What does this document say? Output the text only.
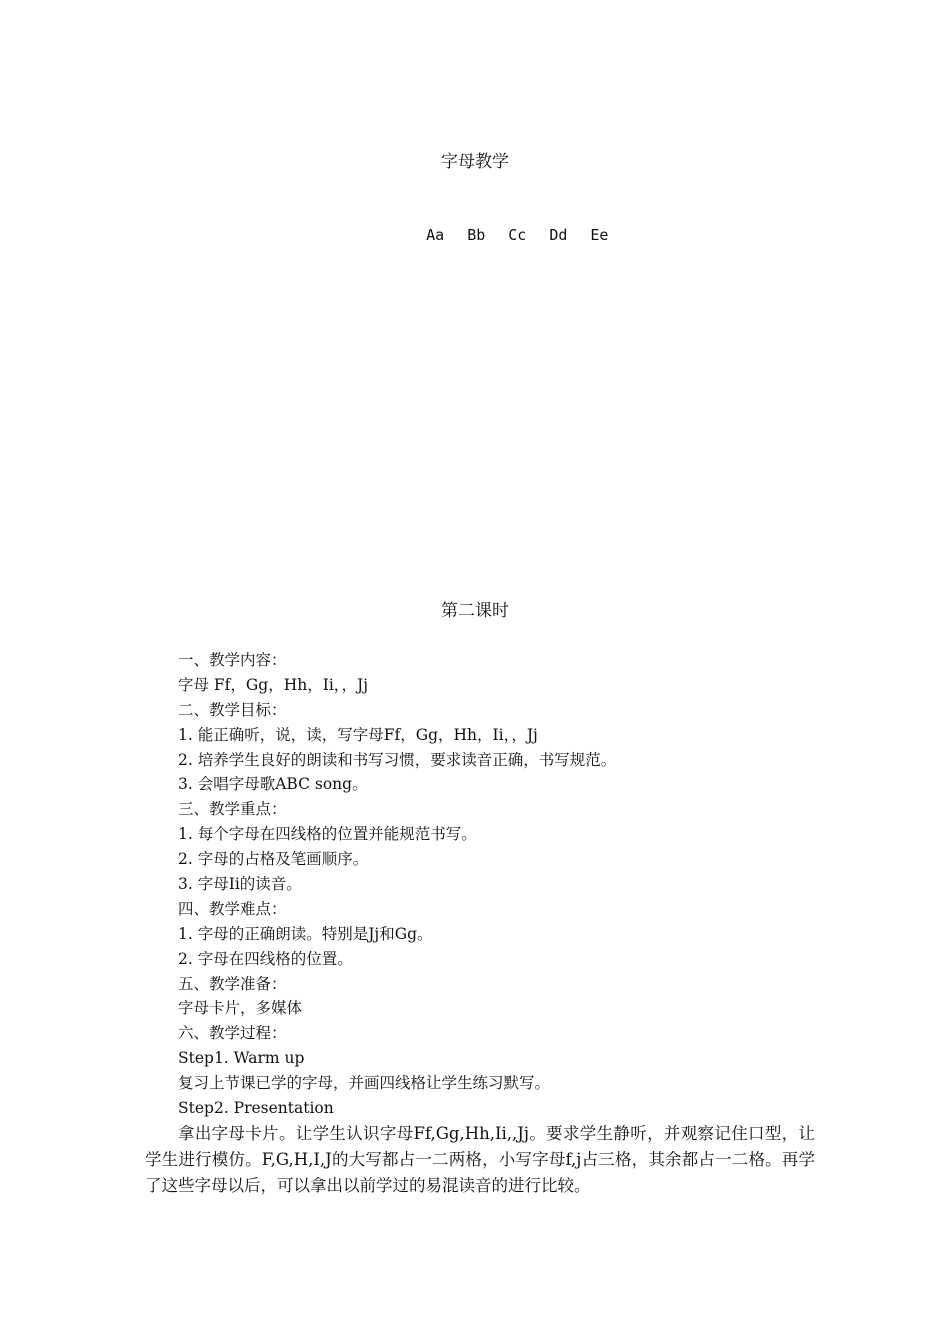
字母教学

Aa Bb Cc Dd Ee

第二课时
一、教学内容：
字母 Ff，Gg，Hh，Ii，，Jj
二、教学目标：
1. 能正确听，说，读，写字母Ff，Gg，Hh，Ii，，Jj
2. 培养学生良好的朗读和书写习惯，要求读音正确，书写规范。
3. 会唱字母歌ABC song。
三、教学重点：
1. 每个字母在四线格的位置并能规范书写。
2. 字母的占格及笔画顺序。
3. 字母Ii的读音。
四、教学难点：
1. 字母的正确朗读。特别是Jj和Gg。
2. 字母在四线格的位置。
五、教学准备：
字母卡片，多媒体
六、教学过程：
Step1. Warm up
复习上节课已学的字母，并画四线格让学生练习默写。
Step2. Presentation

拿出字母卡片。让学生认识字母Ff,Gg,Hh,Ii,,Jj。要求学生静听，并观察记住口型，让学生进行模仿。F,G,H,I,J的大写都占一二两格，小写字母f,j占三格，其余都占一二格。再学了这些字母以后，可以拿出以前学过的易混读音的进行比较。
